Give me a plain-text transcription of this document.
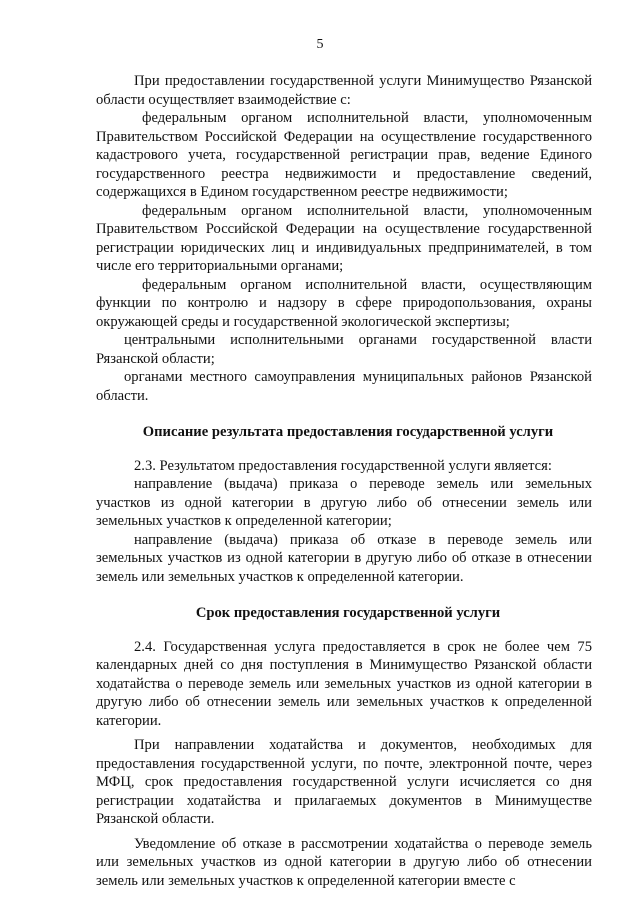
5

При предоставлении государственной услуги Минимущество Рязанской области осуществляет взаимодействие с:

федеральным органом исполнительной власти, уполномоченным Правительством Российской Федерации на осуществление государственного кадастрового учета, государственной регистрации прав, ведение Единого государственного реестра недвижимости и предоставление сведений, содержащихся в Едином государственном реестре недвижимости;

федеральным органом исполнительной власти, уполномоченным Правительством Российской Федерации на осуществление государственной регистрации юридических лиц и индивидуальных предпринимателей, в том числе его территориальными органами;

федеральным органом исполнительной власти, осуществляющим функции по контролю и надзору в сфере природопользования, охраны окружающей среды и государственной экологической экспертизы;

центральными исполнительными органами государственной власти Рязанской области;

органами местного самоуправления муниципальных районов Рязанской области.

Описание результата предоставления государственной услуги

2.3. Результатом предоставления государственной услуги является:

направление (выдача) приказа о переводе земель или земельных участков из одной категории в другую либо об отнесении земель или земельных участков к определенной категории;

направление (выдача) приказа об отказе в переводе земель или земельных участков из одной категории в другую либо об отказе в отнесении земель или земельных участков к определенной категории.

Срок предоставления государственной услуги

2.4. Государственная услуга предоставляется в срок не более чем 75 календарных дней со дня поступления в Минимущество Рязанской области ходатайства о переводе земель или земельных участков из одной категории в другую либо об отнесении земель или земельных участков к определенной категории.

При направлении ходатайства и документов, необходимых для предоставления государственной услуги, по почте, электронной почте, через МФЦ, срок предоставления государственной услуги исчисляется со дня регистрации ходатайства и прилагаемых документов в Минимуществе Рязанской области.

Уведомление об отказе в рассмотрении ходатайства о переводе земель или земельных участков из одной категории в другую либо об отнесении земель или земельных участков к определенной категории вместе с
